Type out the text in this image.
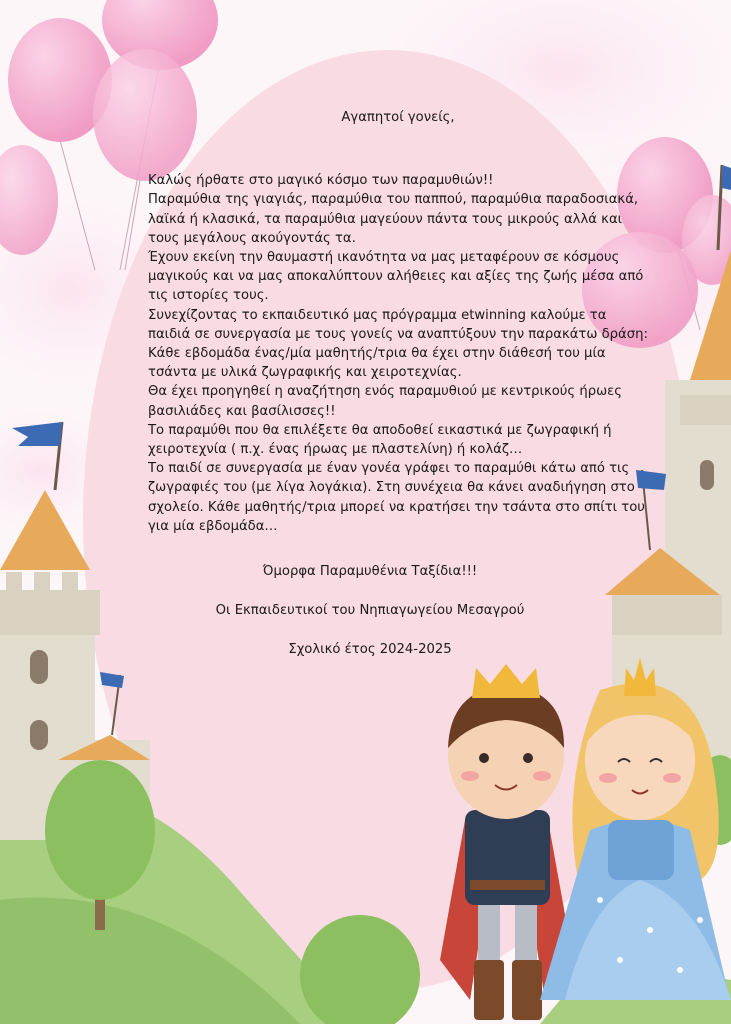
Αγαπητοί γονείς,

Καλώς ήρθατε στο μαγικό κόσμο των παραμυθιών!!

Παραμύθια της γιαγιάς, παραμύθια του παππού, παραμύθια παραδοσιακά, λαϊκά ή κλασικά, τα παραμύθια μαγεύουν πάντα τους μικρούς αλλά και τους μεγάλους ακούγοντάς τα.

Έχουν εκείνη την θαυμαστή ικανότητα να μας μεταφέρουν σε κόσμους μαγικούς και να μας αποκαλύπτουν αλήθειες και αξίες της ζωής μέσα από τις ιστορίες τους.

Συνεχίζοντας το εκπαιδευτικό μας πρόγραμμα etwinning καλούμε τα παιδιά σε συνεργασία με τους γονείς να αναπτύξουν την παρακάτω δράση:

Κάθε εβδομάδα ένας/μία μαθητής/τρια θα έχει στην διάθεσή του μία τσάντα με υλικά ζωγραφικής και χειροτεχνίας.

Θα έχει προηγηθεί η αναζήτηση ενός παραμυθιού με κεντρικούς ήρωες βασιλιάδες και βασίλισσες!!

Το παραμύθι που θα επιλέξετε θα αποδοθεί εικαστικά με ζωγραφική ή χειροτεχνία ( π.χ. ένας ήρωας με πλαστελίνη) ή κολάζ…

Το παιδί σε συνεργασία με έναν γονέα γράφει το παραμύθι κάτω από τις ζωγραφιές του (με λίγα λογάκια). Στη συνέχεια θα κάνει αναδιήγηση στο σχολείο. Κάθε μαθητής/τρια μπορεί να κρατήσει την τσάντα στο σπίτι του για μία εβδομάδα…

Όμορφα Παραμυθένια Ταξίδια!!!
Οι Εκπαιδευτικοί του Νηπιαγωγείου Μεσαγρού
Σχολικό έτος 2024-2025
